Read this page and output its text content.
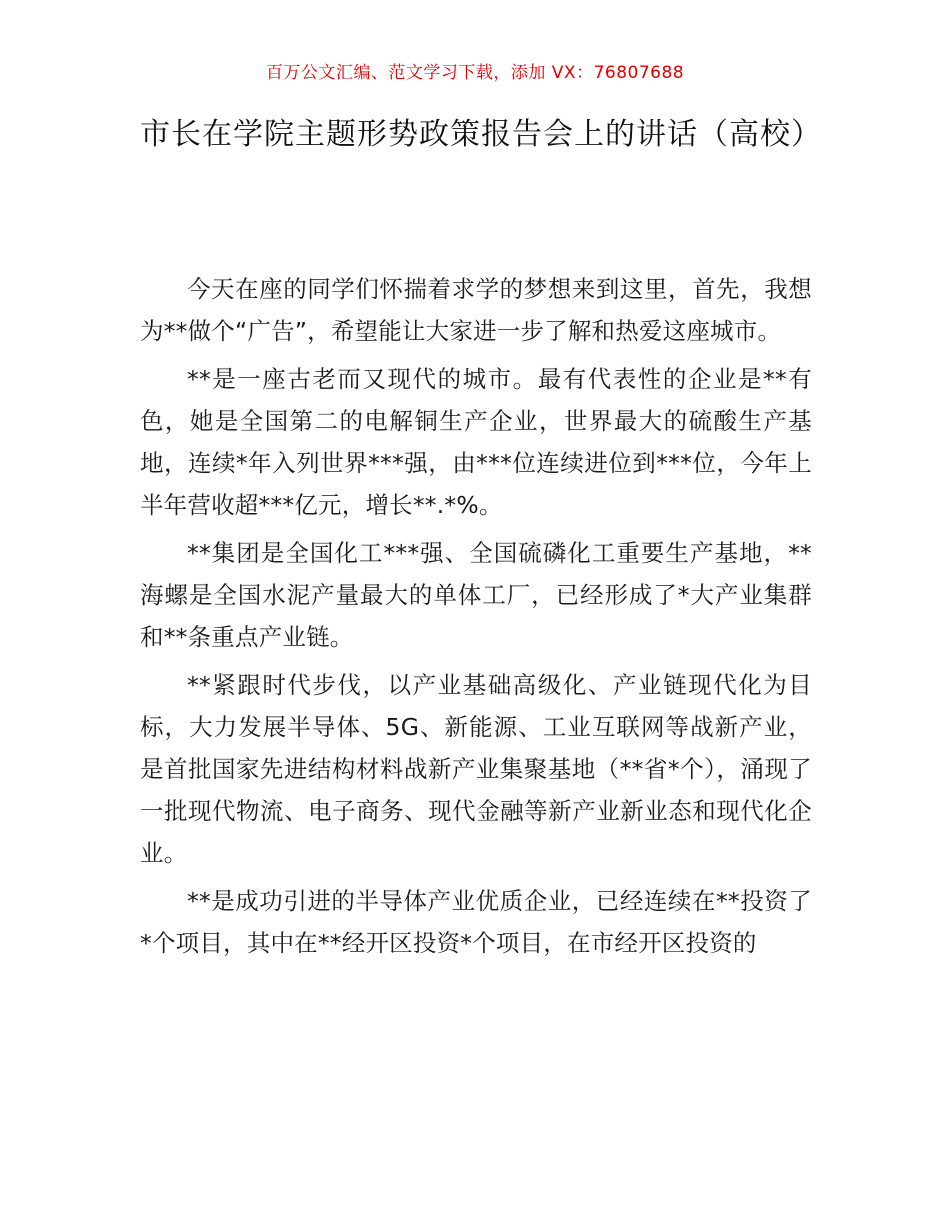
百万公文汇编、范文学习下载，添加 VX：76807688
市长在学院主题形势政策报告会上的讲话（高校）

今天在座的同学们怀揣着求学的梦想来到这里，首先，我想为**做个“广告”，希望能让大家进一步了解和热爱这座城市。

**是一座古老而又现代的城市。最有代表性的企业是**有色，她是全国第二的电解铜生产企业，世界最大的硫酸生产基地，连续*年入列世界***强，由***位连续进位到***位，今年上半年营收超***亿元，增长**.*%。

**集团是全国化工***强、全国硫磷化工重要生产基地，**海螺是全国水泥产量最大的单体工厂，已经形成了*大产业集群和**条重点产业链。

**紧跟时代步伐，以产业基础高级化、产业链现代化为目标，大力发展半导体、5G、新能源、工业互联网等战新产业，是首批国家先进结构材料战新产业集聚基地（**省*个），涌现了一批现代物流、电子商务、现代金融等新产业新业态和现代化企业。

**是成功引进的半导体产业优质企业，已经连续在**投资了*个项目，其中在**经开区投资*个项目，在市经开区投资的
